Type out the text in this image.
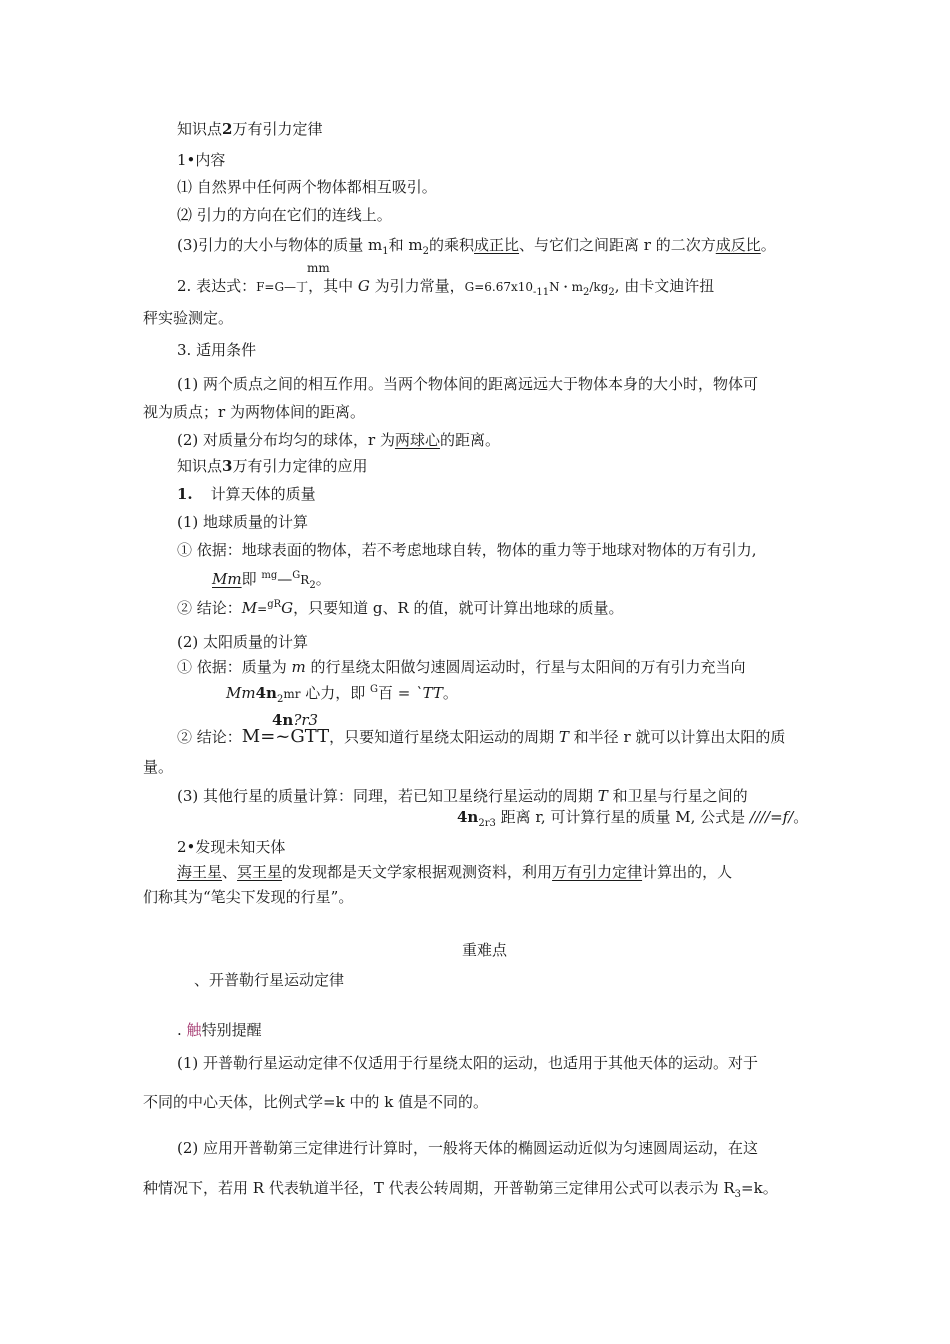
知识点2万有引力定律
1•内容
⑴ 自然界中任何两个物体都相互吸引。
⑵ 引力的方向在它们的连线上。
(3)引力的大小与物体的质量 $m_1$和 $m_2$的乘积成正比、与它们之间距离 r 的二次方成反比。
mm
2. 表达式：F=G—丁，其中 G 为引力常量，$G=6.67x10_{-11}N$・$m_2/kg_2$, 由卡文迪许扭
秤实验测定。
3. 适用条件
(1) 两个质点之间的相互作用。当两个物体间的距离远远大于物体本身的大小时，物体可
视为质点；r 为两物体间的距离。
(2) 对质量分布均匀的球体，r 为两球心的距离。
知识点3万有引力定律的应用
1. 计算天体的质量
(1) 地球质量的计算
① 依据：地球表面的物体，若不考虑地球自转，物体的重力等于地球对物体的万有引力,
Mm即 $^{mg}—^GR_2$。
② 结论：M=$^{gR}$G，只要知道 g、R 的值，就可计算出地球的质量。
(2) 太阳质量的计算
① 依据：质量为 m 的行星绕太阳做匀速圆周运动时，行星与太阳间的万有引力充当向
$Mm4n_2mr$ 心力，即 $^G$百 = `TT。
4n?r3
② 结论：M=~GTT，只要知道行星绕太阳运动的周期 T 和半径 r 就可以计算出太阳的质
量。
(3) 其他行星的质量计算：同理，若已知卫星绕行星运动的周期 T 和卫星与行星之间的
$4n_{2r3}$ 距离 r, 可计算行星的质量 M, 公式是 ////=f/。
2•发现未知天体
海王星、冥王星的发现都是天文学家根据观测资料，利用万有引力定律计算出的，人
们称其为“笔尖下发现的行星”。
重难点
、开普勒行星运动定律
. 触特别提醒
(1) 开普勒行星运动定律不仅适用于行星绕太阳的运动，也适用于其他天体的运动。对于
不同的中心天体，比例式学=k 中的 k 值是不同的。
(2) 应用开普勒第三定律进行计算时，一般将天体的椭圆运动近似为匀速圆周运动，在这
种情况下，若用 R 代表轨道半径，T 代表公转周期，开普勒第三定律用公式可以表示为 $R_3=k$。
